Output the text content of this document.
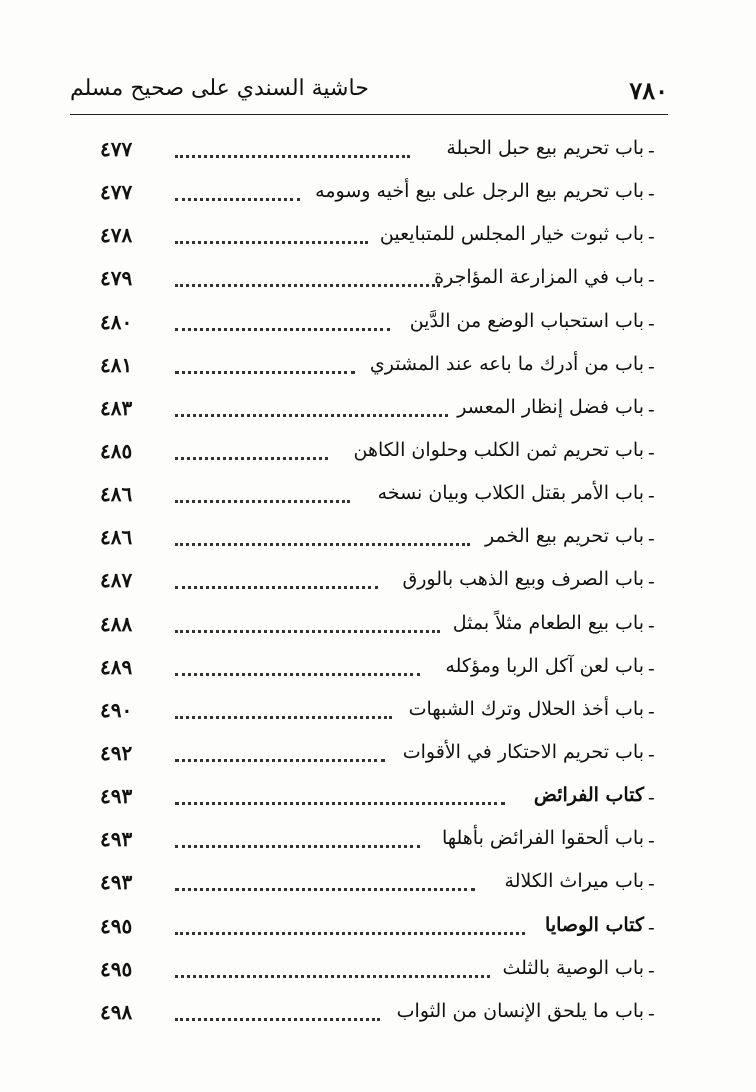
٧٨٠
حاشية السندي على صحيح مسلم
-
باب تحريم بيع حبل الحبلة
٤٧٧
-
باب تحريم بيع الرجل على بيع أخيه وسومه
٤٧٧
-
باب ثبوت خيار المجلس للمتبايعين
٤٧٨
-
باب في المزارعة المؤاجرة
٤٧٩
-
باب استحباب الوضع من الدَّين
٤٨٠
-
باب من أدرك ما باعه عند المشتري
٤٨١
-
باب فضل إنظار المعسر
٤٨٣
-
باب تحريم ثمن الكلب وحلوان الكاهن
٤٨٥
-
باب الأمر بقتل الكلاب وبيان نسخه
٤٨٦
-
باب تحريم بيع الخمر
٤٨٦
-
باب الصرف وبيع الذهب بالورق
٤٨٧
-
باب بيع الطعام مثلاً بمثل
٤٨٨
-
باب لعن آكل الربا ومؤكله
٤٨٩
-
باب أخذ الحلال وترك الشبهات
٤٩٠
-
باب تحريم الاحتكار في الأقوات
٤٩٢
-
كتاب الفرائض
٤٩٣
-
باب ألحقوا الفرائض بأهلها
٤٩٣
-
باب ميراث الكلالة
٤٩٣
-
كتاب الوصايا
٤٩٥
-
باب الوصية بالثلث
٤٩٥
-
باب ما يلحق الإنسان من الثواب
٤٩٨
